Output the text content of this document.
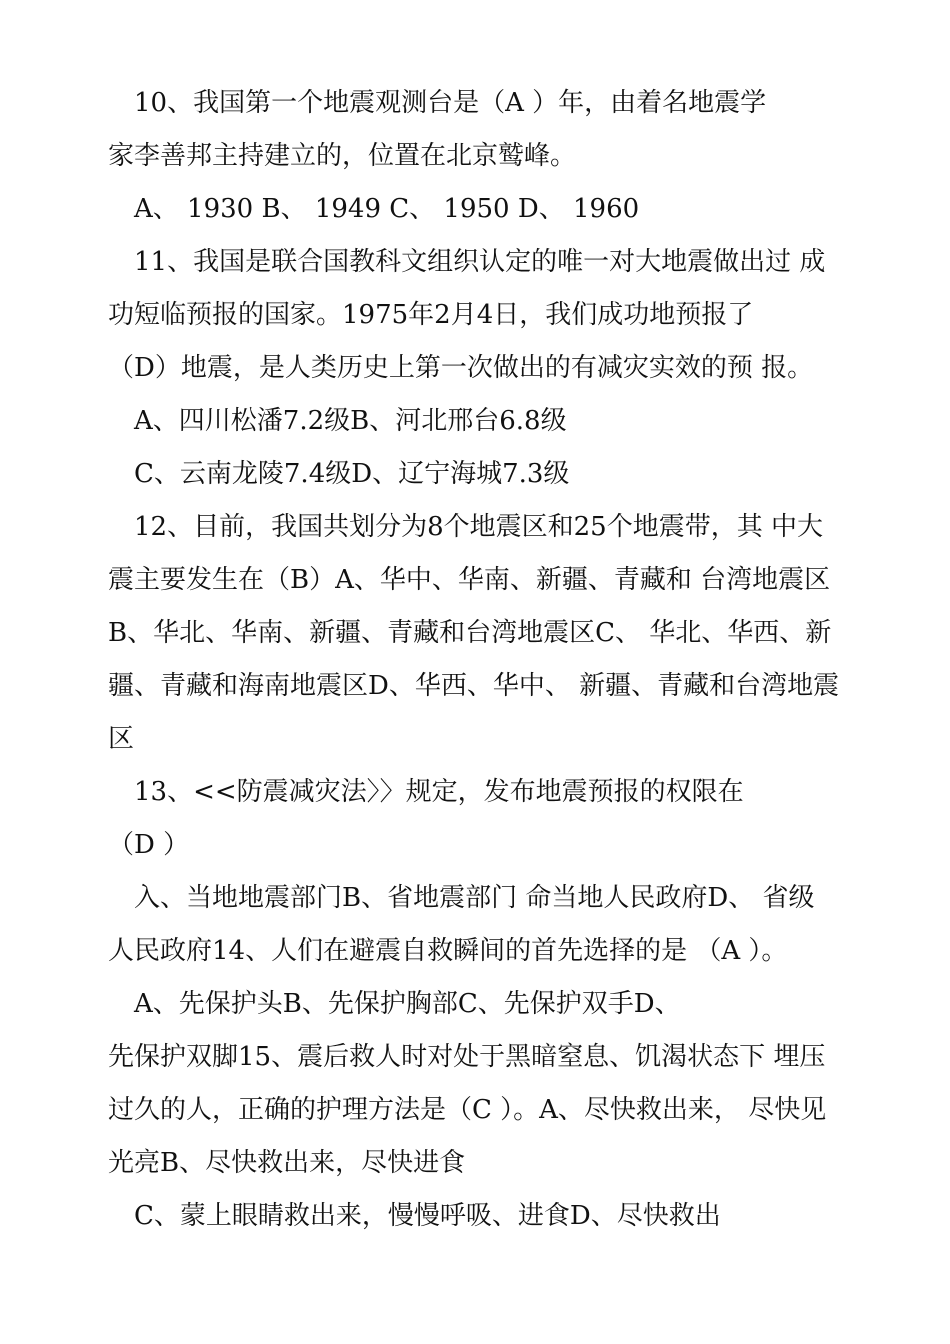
　10、我国第一个地震观测台是（A ）年，由着名地震学
家李善邦主持建立的，位置在北京鹫峰。
　A、 1930 B、 1949 C、 1950 D、 1960
　11、我国是联合国教科文组织认定的唯一对大地震做出过 成
功短临预报的国家。1975年2月4日，我们成功地预报了
（D）地震，是人类历史上第一次做出的有减灾实效的预 报。
　A、四川松潘7.2级B、河北邢台6.8级
　C、云南龙陵7.4级D、辽宁海城7.3级
　12、目前，我国共划分为8个地震区和25个地震带，其 中大
震主要发生在（B）A、华中、华南、新疆、青藏和 台湾地震区
B、华北、华南、新疆、青藏和台湾地震区C、 华北、华西、新
疆、青藏和海南地震区D、华西、华中、 新疆、青藏和台湾地震
区
　13、<<防震减灾法〉〉规定，发布地震预报的权限在
（D ）
　入、当地地震部门B、省地震部门 命当地人民政府D、 省级
人民政府14、人们在避震自救瞬间的首先选择的是 （A ）。
　A、先保护头B、先保护胸部C、先保护双手D、
先保护双脚15、震后救人时对处于黑暗窒息、饥渴状态下 埋压
过久的人，正确的护理方法是（C ）。A、尽快救出来， 尽快见
光亮B、尽快救出来，尽快进食
　C、蒙上眼睛救出来，慢慢呼吸、进食D、尽快救出
